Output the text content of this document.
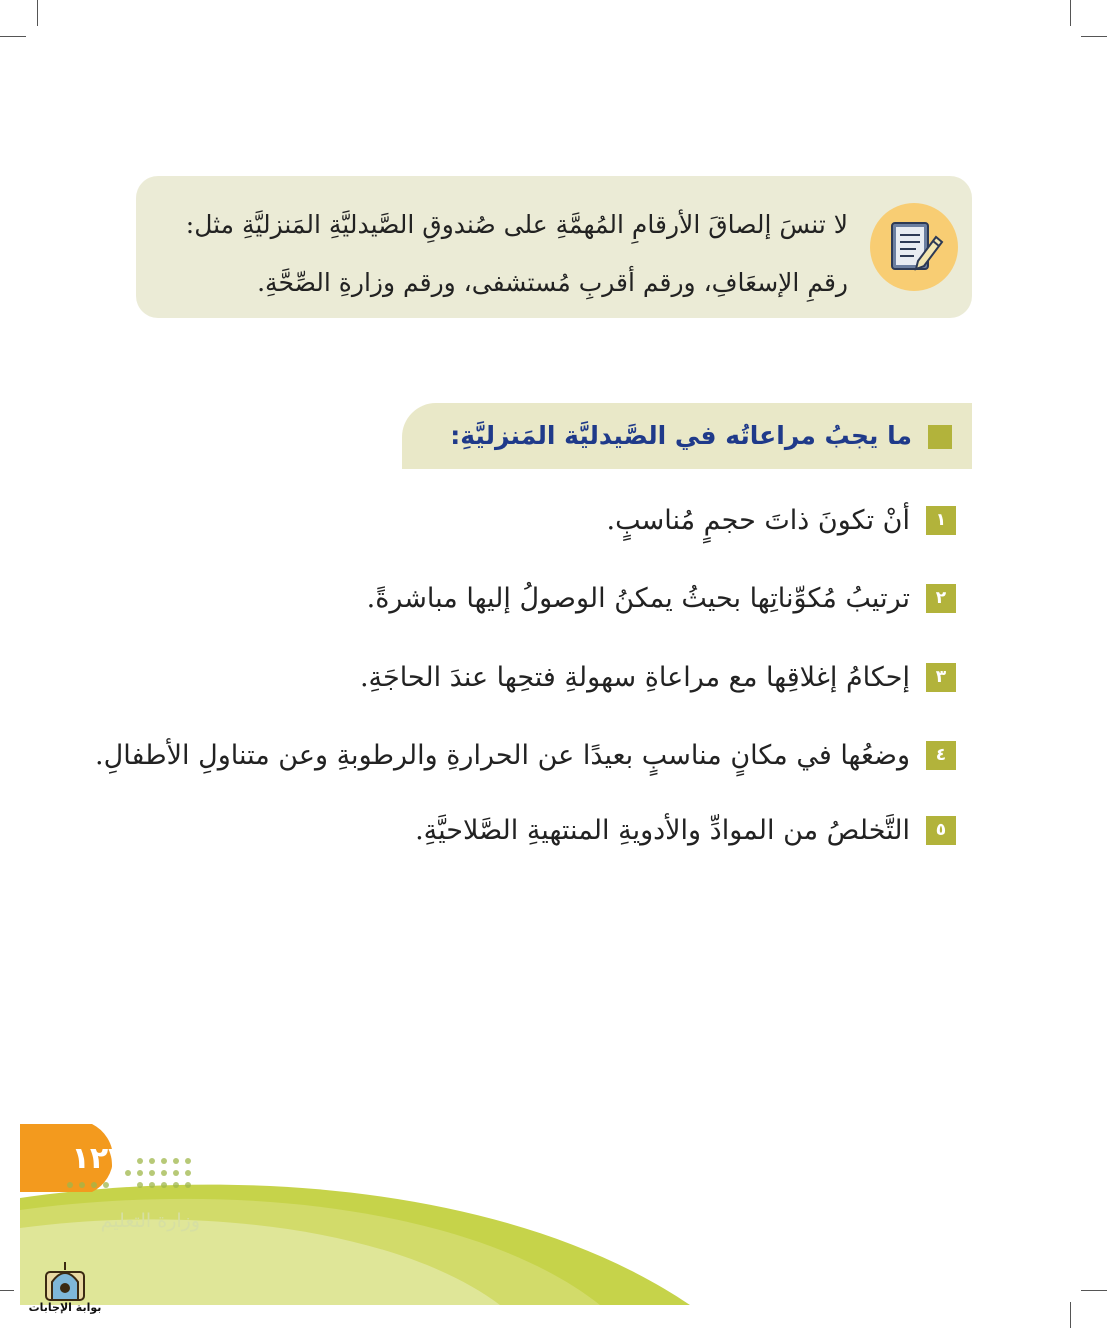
لا تنسَ إلصاقَ الأرقامِ المُهمَّةِ على صُندوقِ الصَّيدليَّةِ المَنزليَّةِ مثل:
رقمِ الإسعَافِ، ورقم أقربِ مُستشفى، ورقم وزارةِ الصِّحَّةِ.
ما يجبُ مراعاتُه في الصَّيدليَّة المَنزليَّةِ:
١
أنْ تكونَ ذاتَ حجمٍ مُناسبٍ.
٢
ترتيبُ مُكوِّناتِها بحيثُ يمكنُ الوصولُ إليها مباشرةً.
٣
إحكامُ إغلاقِها مع مراعاةِ سهولةِ فتحِها عندَ الحاجَةِ.
٤
وضعُها في مكانٍ مناسبٍ بعيدًا عن الحرارةِ والرطوبةِ وعن متناولِ الأطفالِ.
٥
التَّخلصُ من الموادِّ والأدويةِ المنتهيةِ الصَّلاحيَّةِ.
١٢٣
وزارة التعليم
بوابة الإجابات
